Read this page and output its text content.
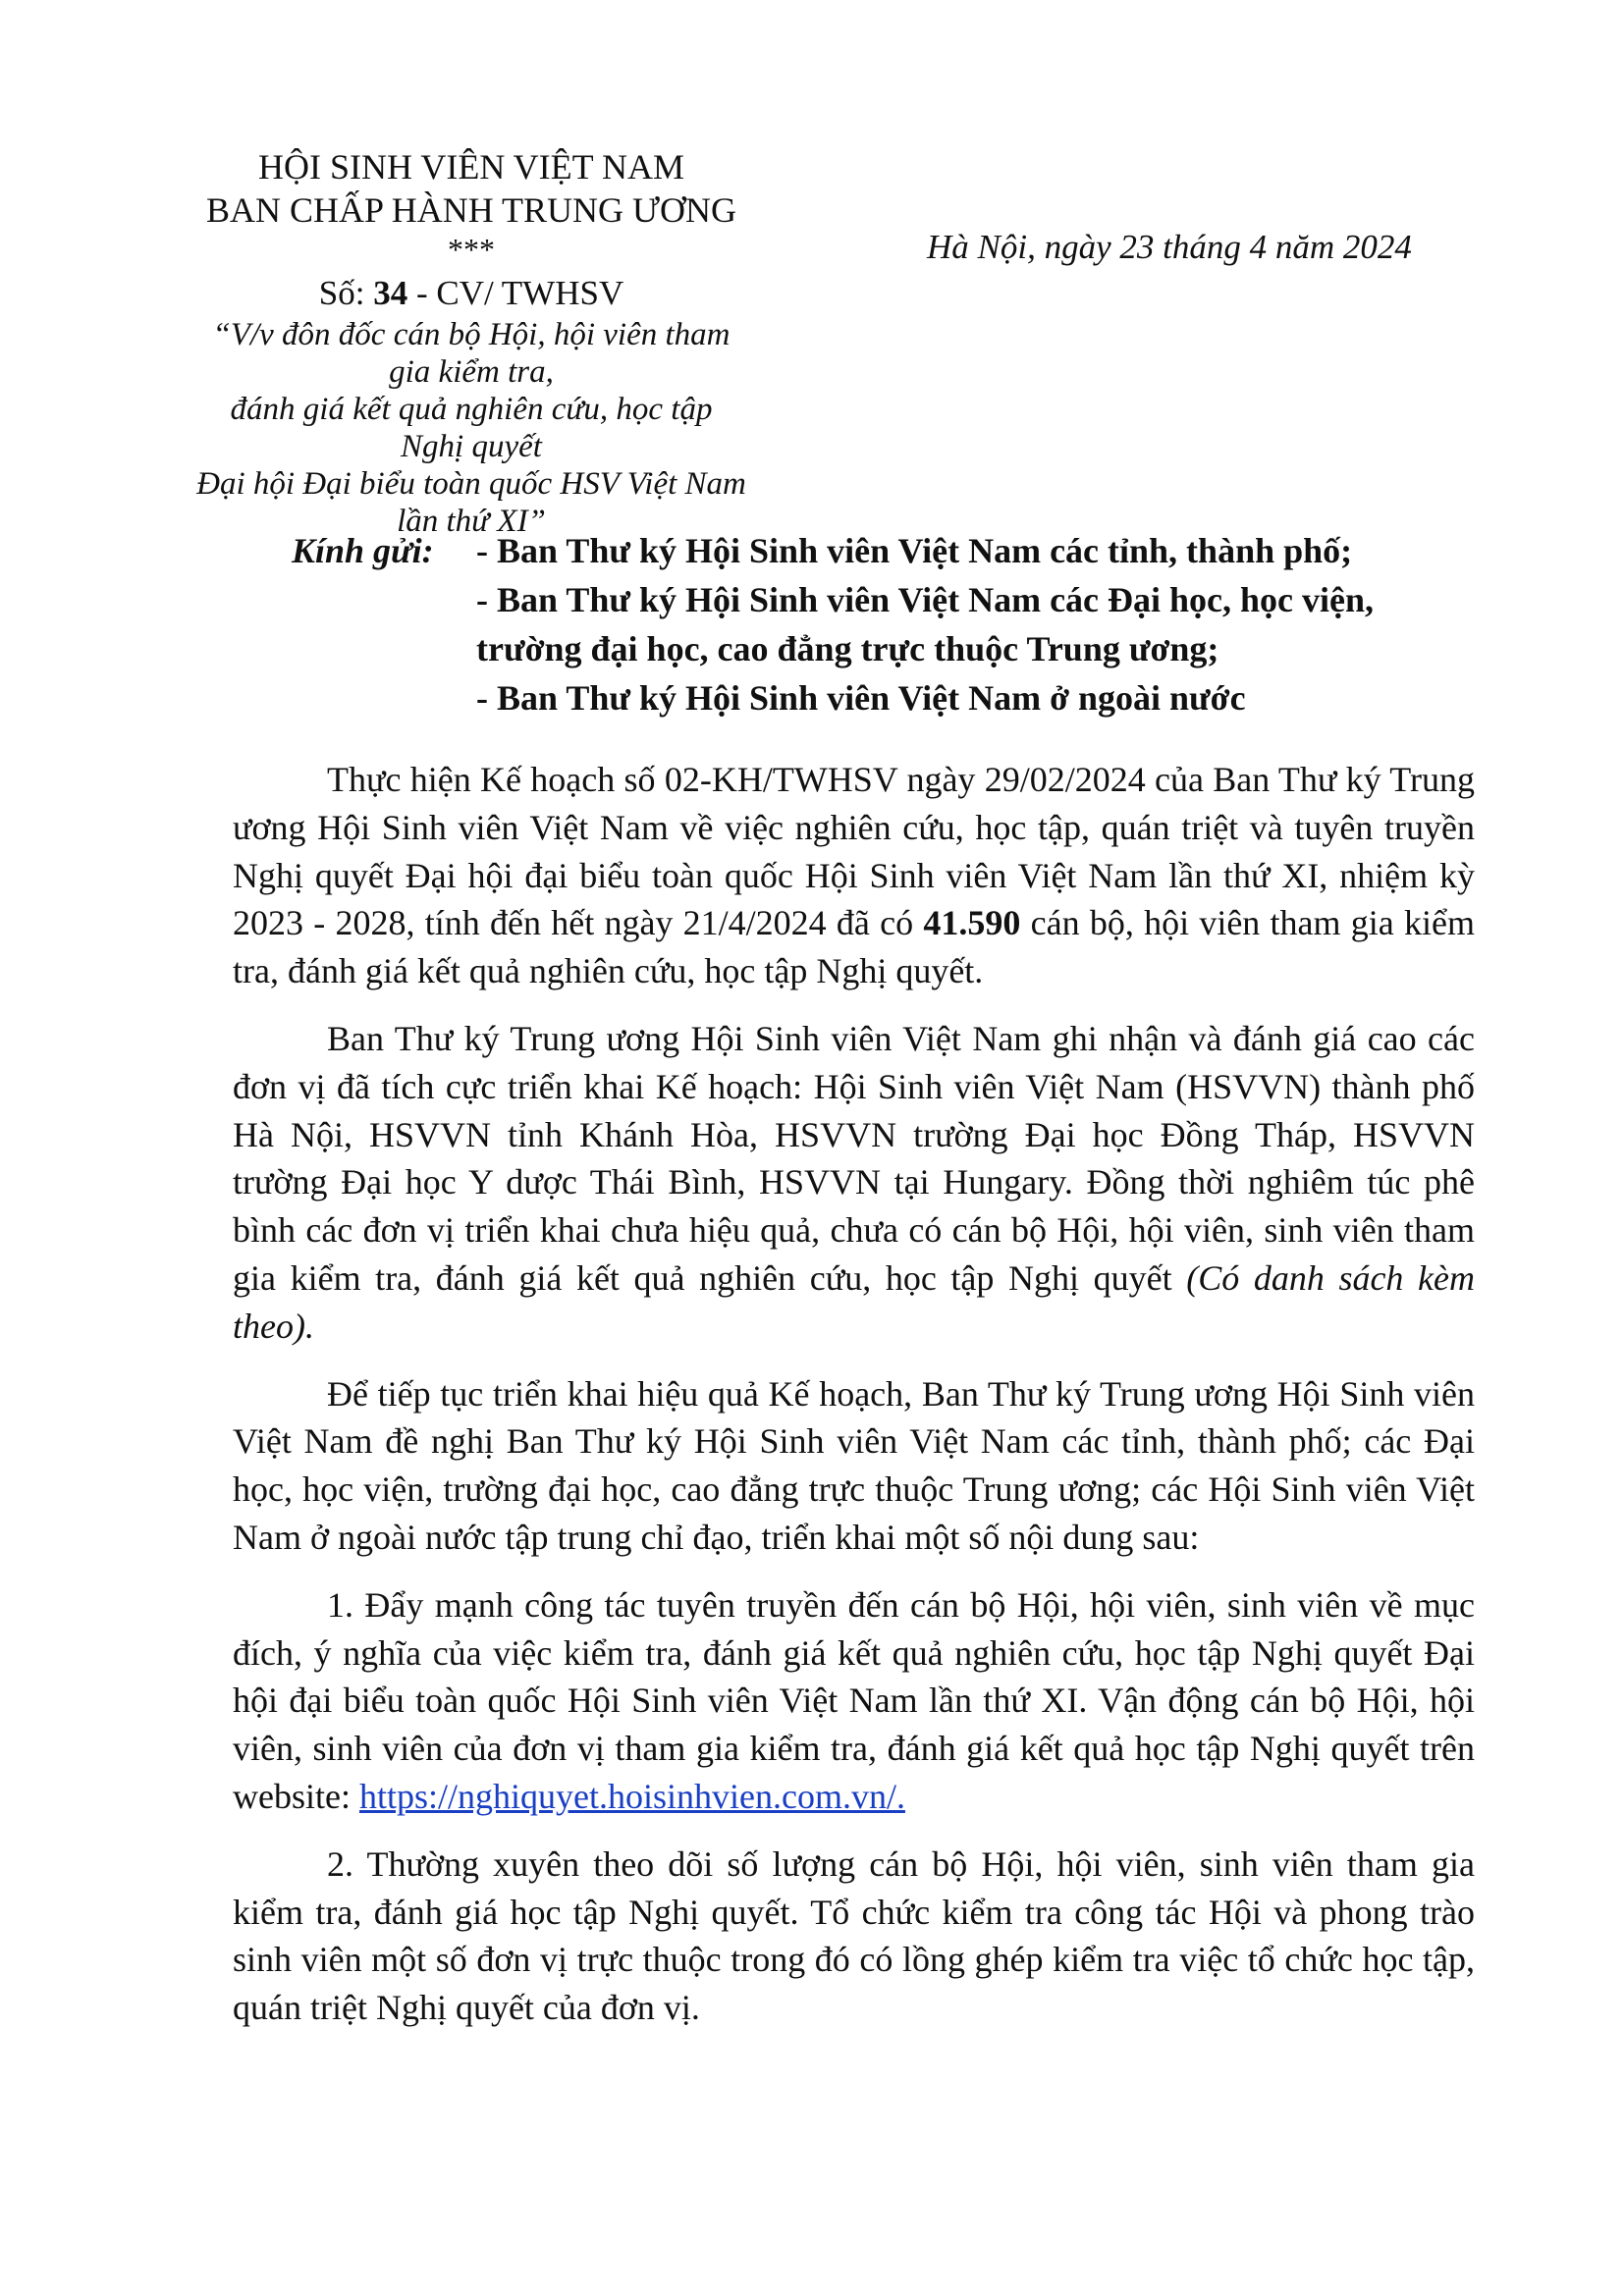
HỘI SINH VIÊN VIỆT NAM
BAN CHẤP HÀNH TRUNG ƯƠNG
***
Số: 34 - CV/ TWHSV
“V/v đôn đốc cán bộ Hội, hội viên tham gia kiểm tra,
đánh giá kết quả nghiên cứu, học tập Nghị quyết
Đại hội Đại biểu toàn quốc HSV Việt Nam lần thứ XI”
Hà Nội, ngày 23 tháng 4 năm 2024
Kính gửi: - Ban Thư ký Hội Sinh viên Việt Nam các tỉnh, thành phố;
- Ban Thư ký Hội Sinh viên Việt Nam các Đại học, học viện,
trường đại học, cao đẳng trực thuộc Trung ương;
- Ban Thư ký Hội Sinh viên Việt Nam ở ngoài nước

Thực hiện Kế hoạch số 02-KH/TWHSV ngày 29/02/2024 của Ban Thư ký Trung ương Hội Sinh viên Việt Nam về việc nghiên cứu, học tập, quán triệt và tuyên truyền Nghị quyết Đại hội đại biểu toàn quốc Hội Sinh viên Việt Nam lần thứ XI, nhiệm kỳ 2023 - 2028, tính đến hết ngày 21/4/2024 đã có 41.590 cán bộ, hội viên tham gia kiểm tra, đánh giá kết quả nghiên cứu, học tập Nghị quyết.

Ban Thư ký Trung ương Hội Sinh viên Việt Nam ghi nhận và đánh giá cao các đơn vị đã tích cực triển khai Kế hoạch: Hội Sinh viên Việt Nam (HSVVN) thành phố Hà Nội, HSVVN tỉnh Khánh Hòa, HSVVN trường Đại học Đồng Tháp, HSVVN trường Đại học Y dược Thái Bình, HSVVN tại Hungary. Đồng thời nghiêm túc phê bình các đơn vị triển khai chưa hiệu quả, chưa có cán bộ Hội, hội viên, sinh viên tham gia kiểm tra, đánh giá kết quả nghiên cứu, học tập Nghị quyết (Có danh sách kèm theo).

Để tiếp tục triển khai hiệu quả Kế hoạch, Ban Thư ký Trung ương Hội Sinh viên Việt Nam đề nghị Ban Thư ký Hội Sinh viên Việt Nam các tỉnh, thành phố; các Đại học, học viện, trường đại học, cao đẳng trực thuộc Trung ương; các Hội Sinh viên Việt Nam ở ngoài nước tập trung chỉ đạo, triển khai một số nội dung sau:

1. Đẩy mạnh công tác tuyên truyền đến cán bộ Hội, hội viên, sinh viên về mục đích, ý nghĩa của việc kiểm tra, đánh giá kết quả nghiên cứu, học tập Nghị quyết Đại hội đại biểu toàn quốc Hội Sinh viên Việt Nam lần thứ XI. Vận động cán bộ Hội, hội viên, sinh viên của đơn vị tham gia kiểm tra, đánh giá kết quả học tập Nghị quyết trên website: https://nghiquyet.hoisinhvien.com.vn/.

2. Thường xuyên theo dõi số lượng cán bộ Hội, hội viên, sinh viên tham gia kiểm tra, đánh giá học tập Nghị quyết. Tổ chức kiểm tra công tác Hội và phong trào sinh viên một số đơn vị trực thuộc trong đó có lồng ghép kiểm tra việc tổ chức học tập, quán triệt Nghị quyết của đơn vị.
